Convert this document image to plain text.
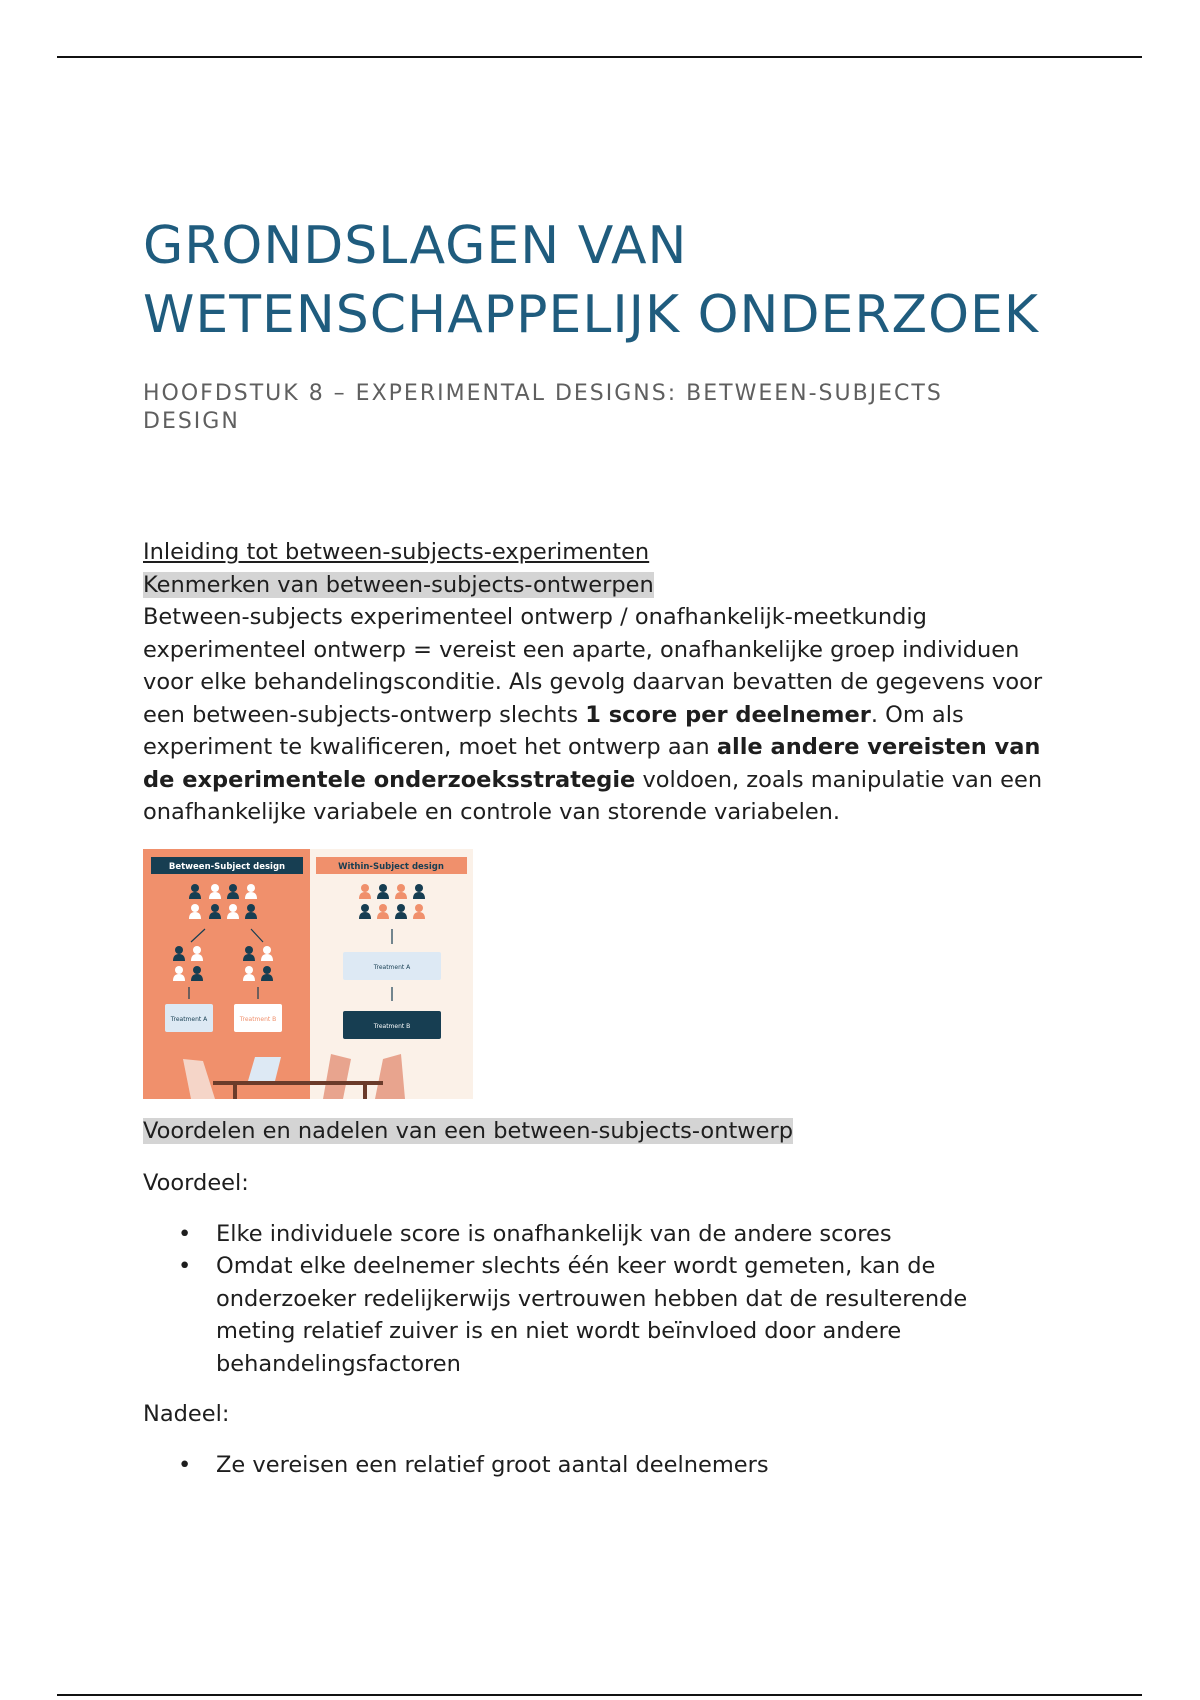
GRONDSLAGEN VAN
WETENSCHAPPELIJK ONDERZOEK
HOOFDSTUK 8 – EXPERIMENTAL DESIGNS: BETWEEN-SUBJECTS DESIGN
Inleiding tot between-subjects-experimenten
Kenmerken van between-subjects-ontwerpen
Between-subjects experimenteel ontwerp / onafhankelijk-meetkundig experimenteel ontwerp = vereist een aparte, onafhankelijke groep individuen voor elke behandelingsconditie. Als gevolg daarvan bevatten de gegevens voor een between-subjects-ontwerp slechts 1 score per deelnemer. Om als experiment te kwalificeren, moet het ontwerp aan alle andere vereisten van de experimentele onderzoeksstrategie voldoen, zoals manipulatie van een onafhankelijke variabele en controle van storende variabelen.
Between-Subject design	Within-Subject design
Treatment A	Treatment B
Treatment A
Treatment B
Voordelen en nadelen van een between-subjects-ontwerp
Voordeel:
• Elke individuele score is onafhankelijk van de andere scores
• Omdat elke deelnemer slechts één keer wordt gemeten, kan de onderzoeker redelijkerwijs vertrouwen hebben dat de resulterende meting relatief zuiver is en niet wordt beïnvloed door andere behandelingsfactoren
Nadeel:
• Ze vereisen een relatief groot aantal deelnemers
